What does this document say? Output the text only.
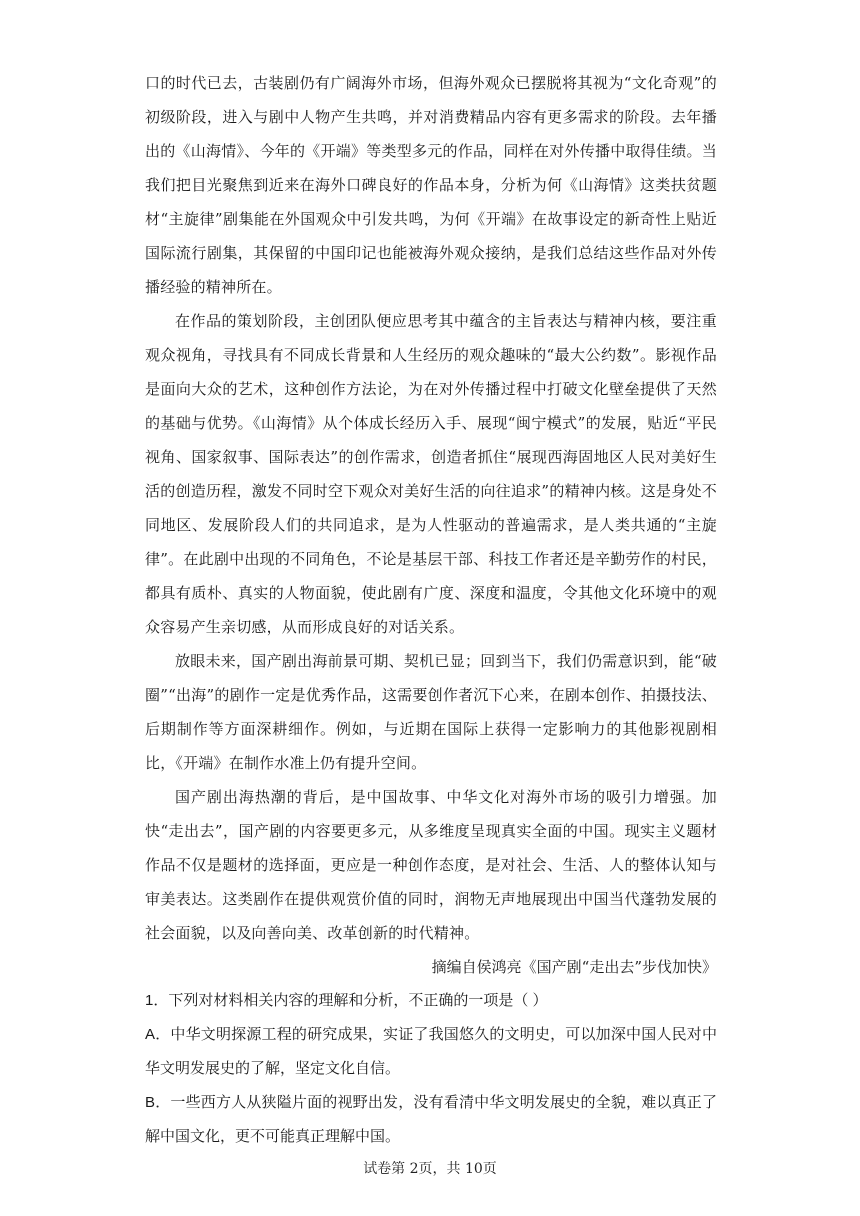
口的时代已去，古装剧仍有广阔海外市场，但海外观众已摆脱将其视为“文化奇观”的初级阶段，进入与剧中人物产生共鸣，并对消费精品内容有更多需求的阶段。去年播出的《山海情》、今年的《开端》等类型多元的作品，同样在对外传播中取得佳绩。当我们把目光聚焦到近来在海外口碑良好的作品本身，分析为何《山海情》这类扶贫题材“主旋律”剧集能在外国观众中引发共鸣，为何《开端》在故事设定的新奇性上贴近国际流行剧集，其保留的中国印记也能被海外观众接纳，是我们总结这些作品对外传播经验的精神所在。

在作品的策划阶段，主创团队便应思考其中蕴含的主旨表达与精神内核，要注重观众视角，寻找具有不同成长背景和人生经历的观众趣味的“最大公约数”。影视作品是面向大众的艺术，这种创作方法论，为在对外传播过程中打破文化壁垒提供了天然的基础与优势。《山海情》从个体成长经历入手、展现“闽宁模式”的发展，贴近“平民视角、国家叙事、国际表达”的创作需求，创造者抓住“展现西海固地区人民对美好生活的创造历程，激发不同时空下观众对美好生活的向往追求”的精神内核。这是身处不同地区、发展阶段人们的共同追求，是为人性驱动的普遍需求，是人类共通的“主旋律”。在此剧中出现的不同角色，不论是基层干部、科技工作者还是辛勤劳作的村民，都具有质朴、真实的人物面貌，使此剧有广度、深度和温度，令其他文化环境中的观众容易产生亲切感，从而形成良好的对话关系。

放眼未来，国产剧出海前景可期、契机已显；回到当下，我们仍需意识到，能“破圈”“出海”的剧作一定是优秀作品，这需要创作者沉下心来，在剧本创作、拍摄技法、后期制作等方面深耕细作。例如，与近期在国际上获得一定影响力的其他影视剧相比，《开端》在制作水准上仍有提升空间。

国产剧出海热潮的背后，是中国故事、中华文化对海外市场的吸引力增强。加快“走出去”，国产剧的内容要更多元，从多维度呈现真实全面的中国。现实主义题材作品不仅是题材的选择面，更应是一种创作态度，是对社会、生活、人的整体认知与审美表达。这类剧作在提供观赏价值的同时，润物无声地展现出中国当代蓬勃发展的社会面貌，以及向善向美、改革创新的时代精神。

摘编自侯鸿亮《国产剧“走出去”步伐加快》

1．下列对材料相关内容的理解和分析，不正确的一项是（ ）

A．中华文明探源工程的研究成果，实证了我国悠久的文明史，可以加深中国人民对中华文明发展史的了解，坚定文化自信。

B．一些西方人从狭隘片面的视野出发，没有看清中华文明发展史的全貌，难以真正了解中国文化，更不可能真正理解中国。

试卷第 2页，共 10页
